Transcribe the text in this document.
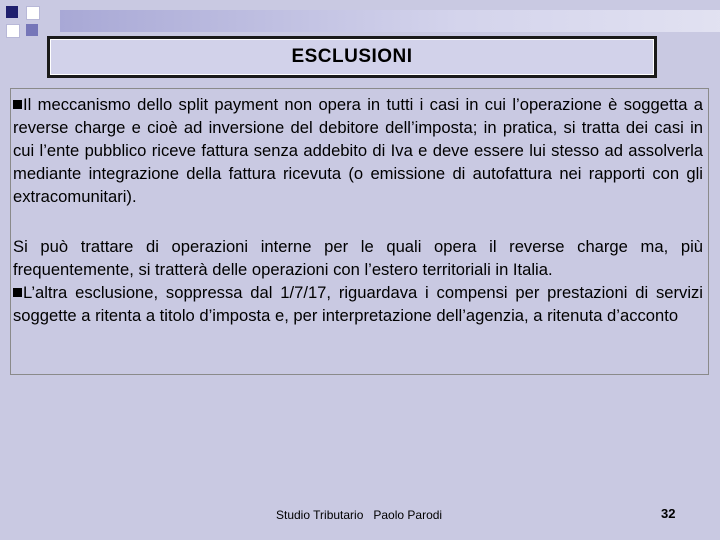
ESCLUSIONI

Il meccanismo dello split payment non opera in tutti i casi in cui l’operazione è soggetta a reverse charge e cioè ad inversione del debitore dell’imposta; in pratica, si tratta dei casi in cui l’ente pubblico riceve fattura senza addebito di Iva e deve essere lui stesso ad assolverla mediante integrazione della fattura ricevuta (o emissione di autofattura nei rapporti con gli extracomunitari).

Si può trattare di operazioni interne per le quali opera il reverse charge ma, più frequentemente, si tratterà delle operazioni con l’estero territoriali in Italia.

L’altra esclusione, soppressa dal 1/7/17, riguardava i compensi per prestazioni di servizi soggette a ritenta a titolo d’imposta e, per interpretazione dell’agenzia, a ritenuta d’acconto

Studio Tributario   Paolo Parodi	32
